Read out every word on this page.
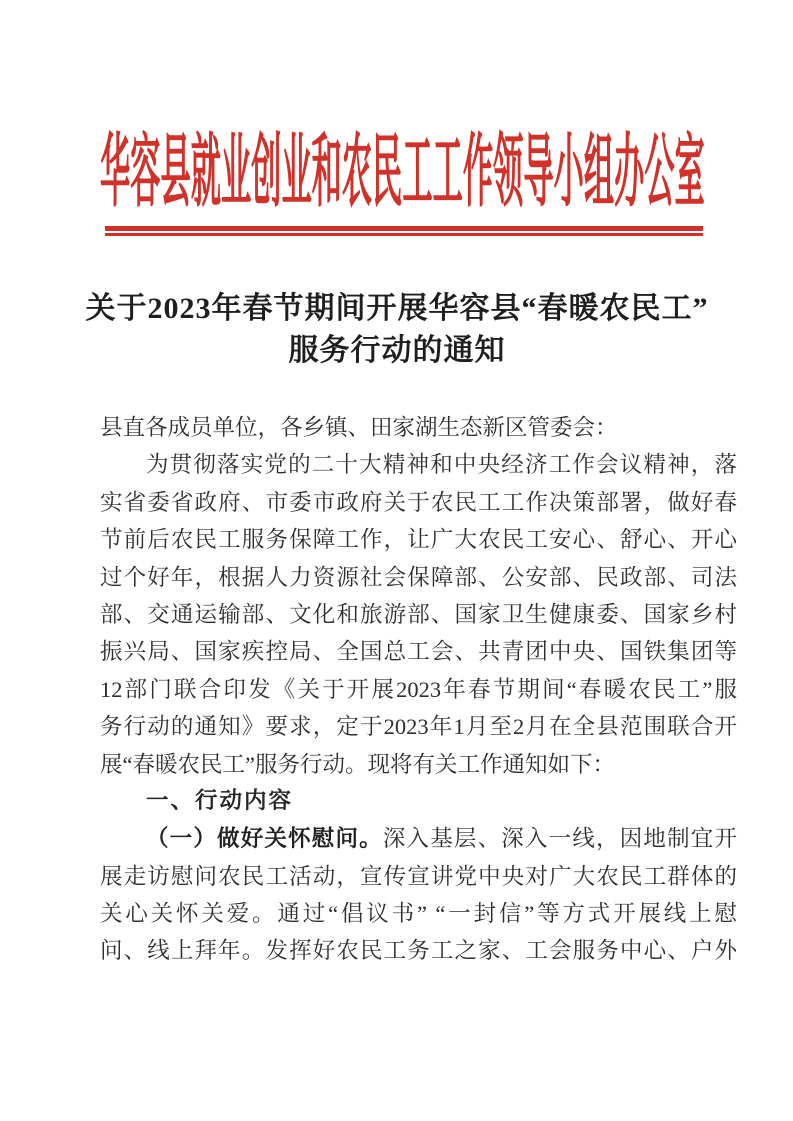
华容县就业创业和农民工工作领导小组办公室
关于2023年春节期间开展华容县“春暖农民工”
服务行动的通知
县直各成员单位，各乡镇、田家湖生态新区管委会：
为贯彻落实党的二十大精神和中央经济工作会议精神，落
实省委省政府、市委市政府关于农民工工作决策部署，做好春
节前后农民工服务保障工作，让广大农民工安心、舒心、开心
过个好年，根据人力资源社会保障部、公安部、民政部、司法
部、交通运输部、文化和旅游部、国家卫生健康委、国家乡村
振兴局、国家疾控局、全国总工会、共青团中央、国铁集团等
12部门联合印发《关于开展2023年春节期间“春暖农民工”服
务行动的通知》要求，定于2023年1月至2月在全县范围联合开
展“春暖农民工”服务行动。现将有关工作通知如下：
一、行动内容
（一）做好关怀慰问。深入基层、深入一线，因地制宜开
展走访慰问农民工活动，宣传宣讲党中央对广大农民工群体的
关心关怀关爱。通过“倡议书” “一封信”等方式开展线上慰
问、线上拜年。发挥好农民工务工之家、工会服务中心、户外
